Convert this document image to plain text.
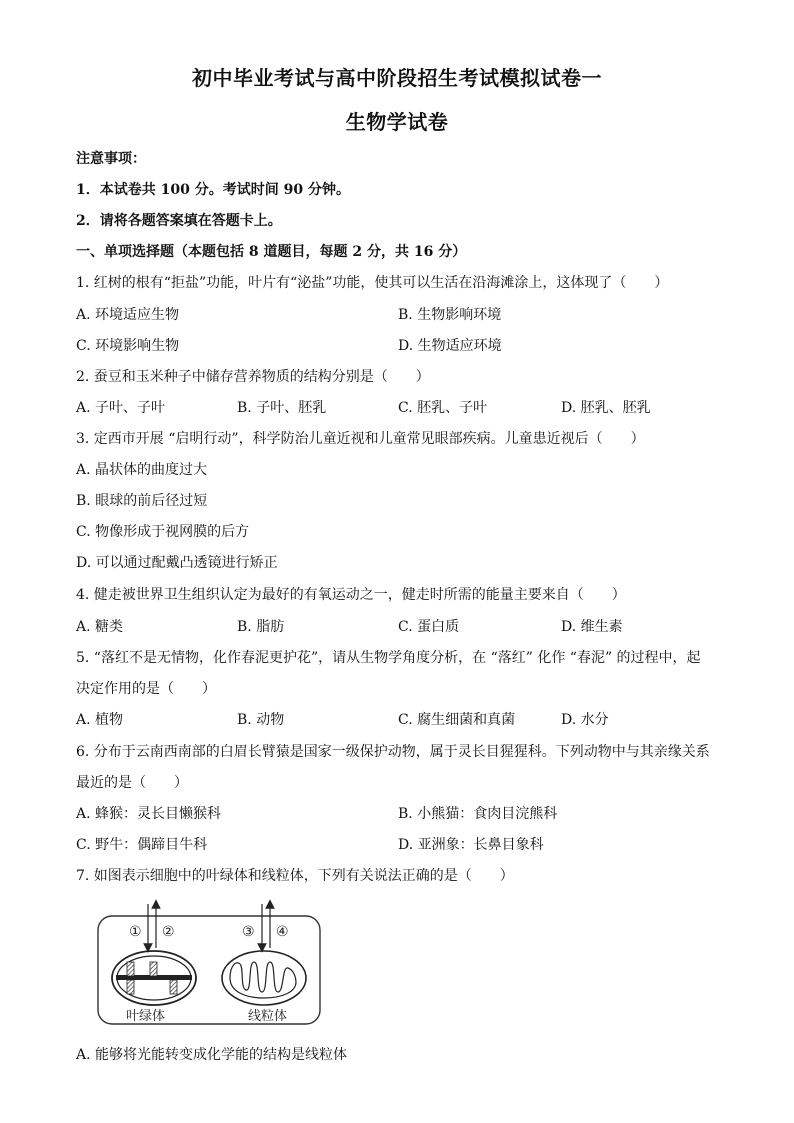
初中毕业考试与高中阶段招生考试模拟试卷一
生物学试卷
注意事项：
1．本试卷共 100 分。考试时间 90 分钟。
2．请将各题答案填在答题卡上。
一、单项选择题（本题包括 8 道题目，每题 2 分，共 16 分）
1. 红树的根有“拒盐”功能，叶片有“泌盐”功能，使其可以生活在沿海滩涂上，这体现了（　　）
A. 环境适应生物	B. 生物影响环境
C. 环境影响生物	D. 生物适应环境
2. 蚕豆和玉米种子中储存营养物质的结构分别是（　　）
A. 子叶、子叶	B. 子叶、胚乳	C. 胚乳、子叶	D. 胚乳、胚乳
3. 定西市开展 “启明行动”，科学防治儿童近视和儿童常见眼部疾病。儿童患近视后（　　）
A. 晶状体的曲度过大
B. 眼球的前后径过短
C. 物像形成于视网膜的后方
D. 可以通过配戴凸透镜进行矫正
4. 健走被世界卫生组织认定为最好的有氧运动之一，健走时所需的能量主要来自（　　）
A. 糖类	B. 脂肪	C. 蛋白质	D. 维生素
5. “落红不是无情物，化作春泥更护花”，请从生物学角度分析，在 “落红” 化作 “春泥” 的过程中，起
决定作用的是（　　）
A. 植物	B. 动物	C. 腐生细菌和真菌	D. 水分
6. 分布于云南西南部的白眉长臂猿是国家一级保护动物，属于灵长目猩猩科。下列动物中与其亲缘关系
最近的是（　　）
A. 蜂猴：灵长目懒猴科	B. 小熊猫：食肉目浣熊科
C. 野牛：偶蹄目牛科	D. 亚洲象：长鼻目象科
7. 如图表示细胞中的叶绿体和线粒体，下列有关说法正确的是（　　）
① ②	③ ④
叶绿体	线粒体
A. 能够将光能转变成化学能的结构是线粒体
